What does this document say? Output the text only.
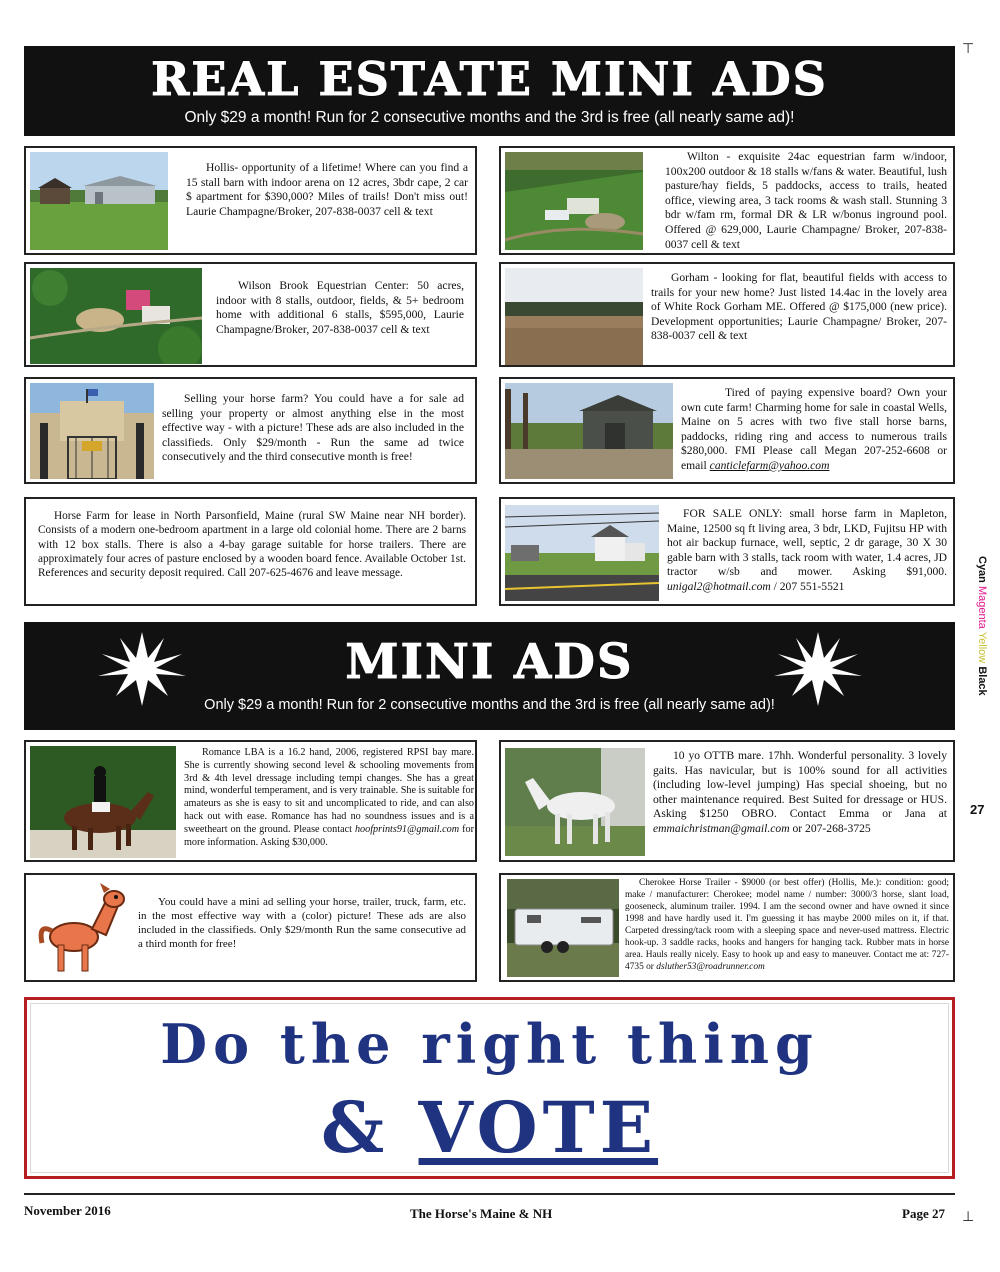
⊤
⊥
REAL ESTATE MINI ADS
Only $29 a month! Run for 2 consecutive months and the 3rd is free (all nearly same ad)!
Hollis- opportunity of a lifetime! Where can you find a 15 stall barn with indoor arena on 12 acres, 3bdr cape, 2 car $ apartment for $390,000? Miles of trails! Don't miss out! Laurie Champagne/Broker, 207-838-0037 cell & text
Wilton - exquisite 24ac equestrian farm w/indoor, 100x200 outdoor & 18 stalls w/fans & water. Beautiful, lush pasture/hay fields, 5 paddocks, access to trails, heated office, viewing area, 3 tack rooms & wash stall. Stunning 3 bdr w/fam rm, formal DR & LR w/bonus inground pool. Offered @ 629,000, Laurie Champagne/ Broker, 207-838-0037 cell & text
Wilson Brook Equestrian Center: 50 acres, indoor with 8 stalls, outdoor, fields, & 5+ bedroom home with additional 6 stalls, $595,000, Laurie Champagne/Broker, 207-838-0037 cell & text
Gorham - looking for flat, beautiful fields with access to trails for your new home? Just listed 14.4ac in the lovely area of White Rock Gorham ME. Offered @ $175,000 (new price). Development opportunities; Laurie Champagne/ Broker, 207-838-0037 cell & text
Selling your horse farm? You could have a for sale ad selling your property or almost anything else in the most effective way - with a picture! These ads are also included in the classifieds. Only $29/month - Run the same ad twice consecutively and the third consecutive month is free!
Tired of paying expensive board? Own your own cute farm! Charming home for sale in coastal Wells, Maine on 5 acres with two five stall horse barns, paddocks, riding ring and access to numerous trails $280,000. FMI Please call Megan 207-252-6608 or email canticlefarm@yahoo.com
Horse Farm for lease in North Parsonfield, Maine (rural SW Maine near NH border). Consists of a modern one-bedroom apartment in a large old colonial home. There are 2 barns with 12 box stalls. There is also a 4-bay garage suitable for horse trailers. There are approximately four acres of pasture enclosed by a wooden board fence. Available October 1st. References and security deposit required. Call 207-625-4676 and leave message.
FOR SALE ONLY: small horse farm in Mapleton, Maine, 12500 sq ft living area, 3 bdr, LKD, Fujitsu HP with hot air backup furnace, well, septic, 2 dr garage, 30 X 30 gable barn with 3 stalls, tack room with water, 1.4 acres, JD tractor w/sb and mower. Asking $91,000. unigal2@hotmail.com / 207 551-5521
MINI ADS
Only $29 a month! Run for 2 consecutive months and the 3rd is free (all nearly same ad)!
Romance LBA is a 16.2 hand, 2006, registered RPSI bay mare. She is currently showing second level & schooling movements from 3rd & 4th level dressage including tempi changes. She has a great mind, wonderful temperament, and is very trainable. She is suitable for amateurs as she is easy to sit and uncomplicated to ride, and can also hack out with ease. Romance has had no soundness issues and is a sweetheart on the ground. Please contact hoofprints91@gmail.com for more information. Asking $30,000.
10 yo OTTB mare. 17hh. Wonderful personality. 3 lovely gaits. Has navicular, but is 100% sound for all activities (including low-level jumping) Has special shoeing, but no other maintenance required. Best Suited for dressage or HUS. Asking $1250 OBRO. Contact Emma or Jana at emmaichristman@gmail.com or 207-268-3725
You could have a mini ad selling your horse, trailer, truck, farm, etc. in the most effective way with a (color) picture! These ads are also included in the classifieds. Only $29/month Run the same consecutive ad a third month for free!
Cherokee Horse Trailer - $9000 (or best offer) (Hollis, Me.): condition: good; make / manufacturer: Cherokee; model name / number: 3000/3 horse, slant load, gooseneck, aluminum trailer. 1994. I am the second owner and have owned it since 1998 and have hardly used it. I'm guessing it has maybe 2000 miles on it, if that. Carpeted dressing/tack room with a sleeping space and never-used mattress. Electric hook-up. 3 saddle racks, hooks and hangers for hanging tack. Rubber mats in horse area. Hauls really nicely. Easy to hook up and easy to maneuver. Contact me at: 727-4735 or dsluther53@roadrunner.com
Do the right thing
& VOTE
Cyan Magenta Yellow Black
27
November 2016	The Horse's Maine & NH	Page 27
